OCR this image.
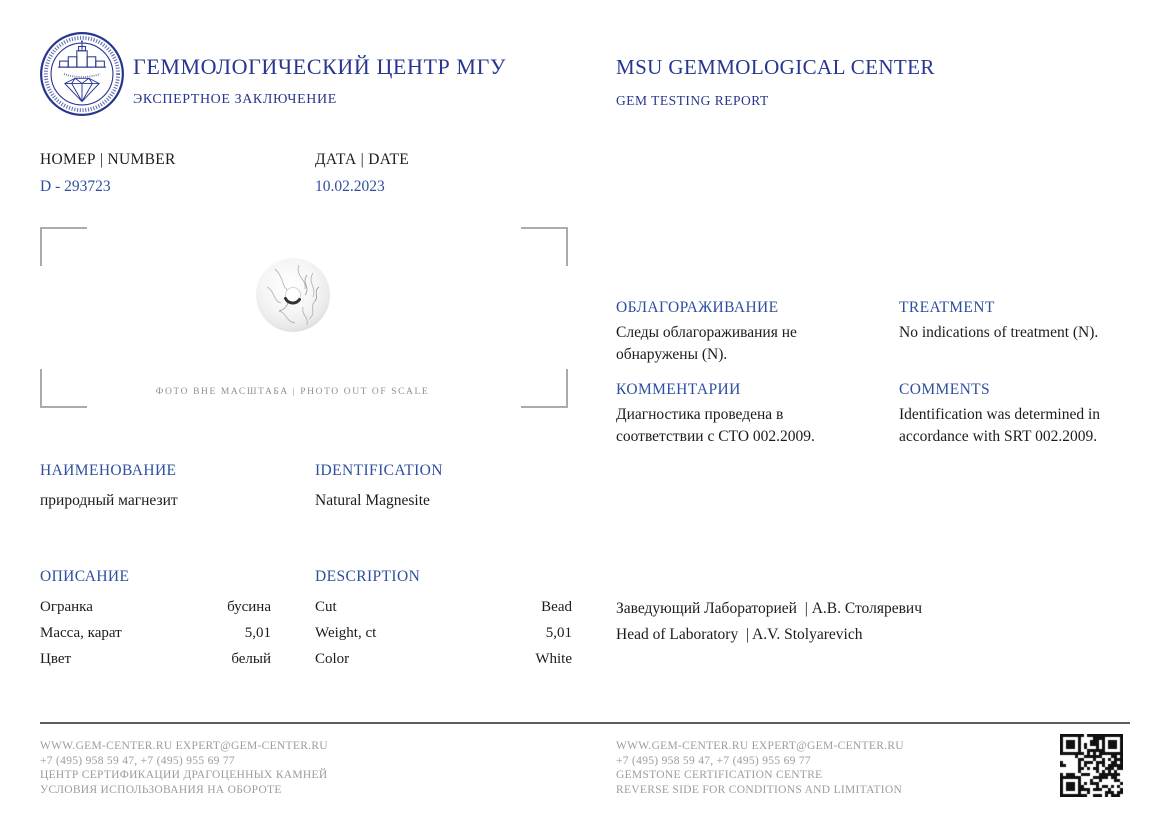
ГЕММОЛОГИЧЕСКИЙ ЦЕНТР МГУ
ЭКСПЕРТНОЕ ЗАКЛЮЧЕНИЕ
MSU GEMMOLOGICAL CENTER
GEM TESTING REPORT
НОМЕР | NUMBER
D - 293723
ДАТА | DATE
10.02.2023
ФОТО ВНЕ МАСШТАБА | PHOTO OUT OF SCALE
ОБЛАГОРАЖИВАНИЕ
Следы облагораживания не обнаружены (N).
TREATMENT
No indications of treatment (N).
КОММЕНТАРИИ
Диагностика проведена в соответствии с СТО 002.2009.
COMMENTS
Identification was determined in accordance with SRT 002.2009.
НАИМЕНОВАНИЕ
природный магнезит
IDENTIFICATION
Natural Magnesite
ОПИСАНИЕ	DESCRIPTION
Огранка	бусина
Масса, карат	5,01
Цвет	белый
Cut	Bead
Weight, ct	5,01
Color	White
Заведующий Лабораторией  | А.В. Столяревич
Head of Laboratory  | A.V. Stolyarevich
WWW.GEM-CENTER.RU EXPERT@GEM-CENTER.RU
+7 (495) 958 59 47, +7 (495) 955 69 77
ЦЕНТР СЕРТИФИКАЦИИ ДРАГОЦЕННЫХ КАМНЕЙ
УСЛОВИЯ ИСПОЛЬЗОВАНИЯ НА ОБОРОТЕ
WWW.GEM-CENTER.RU EXPERT@GEM-CENTER.RU
+7 (495) 958 59 47, +7 (495) 955 69 77
GEMSTONE CERTIFICATION CENTRE
REVERSE SIDE FOR CONDITIONS AND LIMITATION
